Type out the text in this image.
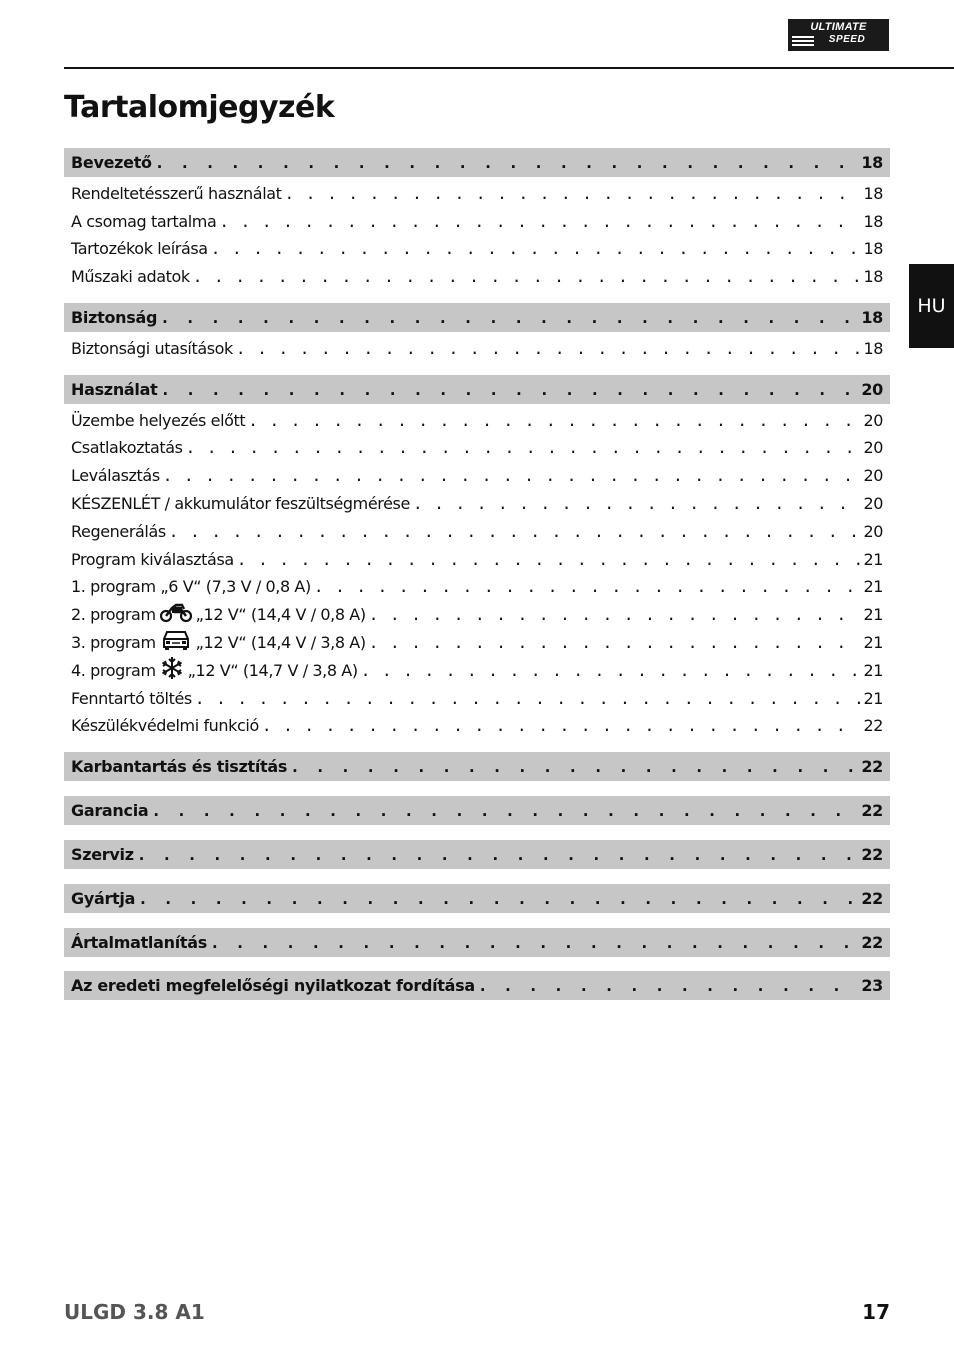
ULTIMATE
SPEED
Tartalomjegyzék
HU
Bevezető . . .	18
Rendeltetésszerű használat . . .	18
A csomag tartalma . . .	18
Tartozékok leírása . . .	18
Műszaki adatok . . .	18
Biztonság . . .	18
Biztonsági utasítások . . .	18
Használat . . .	20
Üzembe helyezés előtt . . .	20
Csatlakoztatás . . .	20
Leválasztás . . .	20
KÉSZENLÉT / akkumulátor feszültségmérése . . .	20
Regenerálás . . .	20
Program kiválasztása . . .	21
1. program „6 V“ (7,3 V / 0,8 A) . . .	21
2. program	„12 V“ (14,4 V / 0,8 A) . . .	21
3. program	„12 V“ (14,4 V / 3,8 A) . . .	21
4. program „12 V“ (14,7 V / 3,8 A) . . .	21
Fenntartó töltés . . .	21
Készülékvédelmi funkció . . .	22
Karbantartás és tisztítás . . .	22
Garancia . . .	22
Szerviz . . .	22
Gyártja . . .	22
Ártalmatlanítás . . .	22
Az eredeti megfelelőségi nyilatkozat fordítása . . .	23
ULGD 3.8 A1	17
